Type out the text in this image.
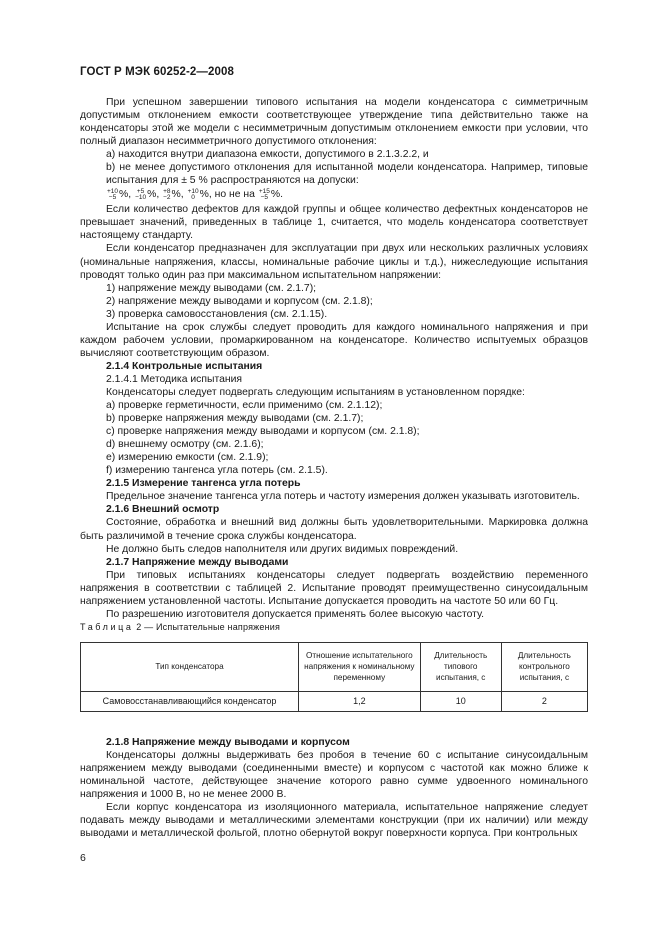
ГОСТ Р МЭК 60252-2—2008

При успешном завершении типового испытания на модели конденсатора с симметричным допустимым отклонением емкости соответствующее утверждение типа действительно также на конденсаторы этой же модели с несимметричным допустимым отклонением емкости при условии, что полный диапазон несимметричного допустимого отклонения:

а) находится внутри диапазона емкости, допустимого в 2.1.3.2.2, и

b) не менее допустимого отклонения для испытанной модели конденсатора. Например, типовые испытания для ± 5 % распространяются на допуски:

+10
−5 %, +5
−10 %, +8
−2 %, +10
0 %, но не на +15
−5 %.

Если количество дефектов для каждой группы и общее количество дефектных конденсаторов не превышает значений, приведенных в таблице 1, считается, что модель конденсатора соответствует настоящему стандарту.

Если конденсатор предназначен для эксплуатации при двух или нескольких различных условиях (номинальные напряжения, классы, номинальные рабочие циклы и т.д.), нижеследующие испытания проводят только один раз при максимальном испытательном напряжении:

1) напряжение между выводами (см. 2.1.7);

2) напряжение между выводами и корпусом (см. 2.1.8);

3) проверка самовосстановления (см. 2.1.15).

Испытание на срок службы следует проводить для каждого номинального напряжения и при каждом рабочем условии, промаркированном на конденсаторе. Количество испытуемых образцов вычисляют соответствующим образом.

2.1.4 Контрольные испытания

2.1.4.1 Методика испытания

Конденсаторы следует подвергать следующим испытаниям в установленном порядке:

а) проверке герметичности, если применимо (см. 2.1.12);

b) проверке напряжения между выводами (см. 2.1.7);

c) проверке напряжения между выводами и корпусом (см. 2.1.8);

d) внешнему осмотру (см. 2.1.6);

e) измерению емкости (см. 2.1.9);

f) измерению тангенса угла потерь (см. 2.1.5).

2.1.5 Измерение тангенса угла потерь

Предельное значение тангенса угла потерь и частоту измерения должен указывать изготовитель.

2.1.6 Внешний осмотр

Состояние, обработка и внешний вид должны быть удовлетворительными. Маркировка должна быть различимой в течение срока службы конденсатора.

Не должно быть следов наполнителя или других видимых повреждений.

2.1.7 Напряжение между выводами

При типовых испытаниях конденсаторы следует подвергать воздействию переменного напряжения в соответствии с таблицей 2. Испытание проводят преимущественно синусоидальным напряжением установленной частоты. Испытание допускается проводить на частоте 50 или 60 Гц.

По разрешению изготовителя допускается применять более высокую частоту.

Таблица 2 — Испытательные напряжения

Тип конденсатора	Отношение испытательного напряжения к номинальному переменному	Длительность типового испытания, с	Длительность контрольного испытания, с
Самовосстанавливающийся конденсатор	1,2	10	2

2.1.8 Напряжение между выводами и корпусом

Конденсаторы должны выдерживать без пробоя в течение 60 с испытание синусоидальным напряжением между выводами (соединенными вместе) и корпусом с частотой как можно ближе к номинальной частоте, действующее значение которого равно сумме удвоенного номинального напряжения и 1000 В, но не менее 2000 В.

Если корпус конденсатора из изоляционного материала, испытательное напряжение следует подавать между выводами и металлическими элементами конструкции (при их наличии) или между выводами и металлической фольгой, плотно обернутой вокруг поверхности корпуса. При контрольных

6
